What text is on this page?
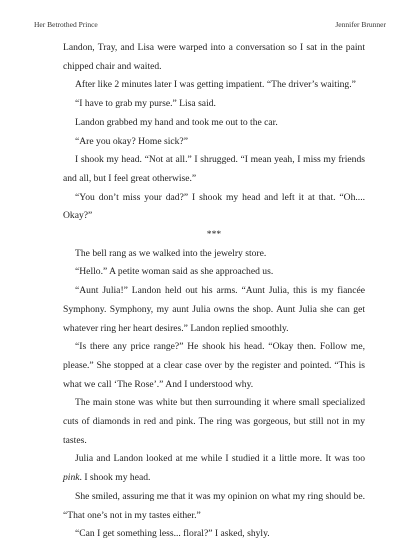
Her Betrothed Prince	Jennifer Brunner

Landon, Tray, and Lisa were warped into a conversation so I sat in the paint chipped chair and waited.

After like 2 minutes later I was getting impatient. “The driver’s waiting.”

“I have to grab my purse.” Lisa said.

Landon grabbed my hand and took me out to the car.

“Are you okay? Home sick?”

I shook my head. “Not at all.” I shrugged. “I mean yeah, I miss my friends and all, but I feel great otherwise.”

“You don’t miss your dad?” I shook my head and left it at that. “Oh.... Okay?”

***

The bell rang as we walked into the jewelry store.

“Hello.” A petite woman said as she approached us.

“Aunt Julia!” Landon held out his arms. “Aunt Julia, this is my fiancée Symphony. Symphony, my aunt Julia owns the shop. Aunt Julia she can get whatever ring her heart desires.” Landon replied smoothly.

“Is there any price range?” He shook his head. “Okay then. Follow me, please.” She stopped at a clear case over by the register and pointed. “This is what we call ‘The Rose’.” And I understood why.

The main stone was white but then surrounding it where small specialized cuts of diamonds in red and pink. The ring was gorgeous, but still not in my tastes.

Julia and Landon looked at me while I studied it a little more. It was too pink. I shook my head.

She smiled, assuring me that it was my opinion on what my ring should be. “That one’s not in my tastes either.”

“Can I get something less... floral?” I asked, shyly.
